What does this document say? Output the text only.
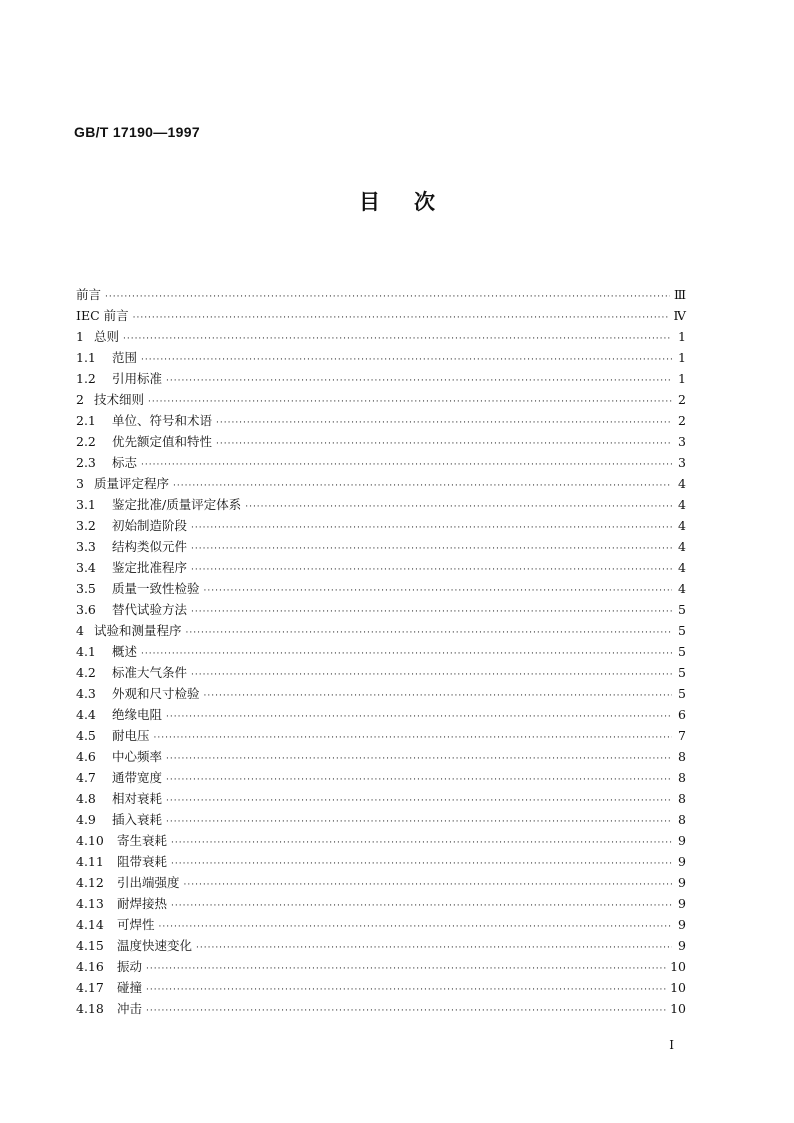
GB/T 17190—1997
目次
前言 ·····	Ⅲ
IEC 前言 ·····	Ⅳ
1 总则 ·····	1
1.1	范围 ·····	1
1.2	引用标准 ·····	1
2 技术细则 ·····	2
2.1	单位、符号和术语 ·····	2
2.2	优先额定值和特性 ·····	3
2.3	标志 ·····	3
3 质量评定程序 ·····	4
3.1	鉴定批准/质量评定体系 ·····	4
3.2	初始制造阶段 ·····	4
3.3	结构类似元件 ·····	4
3.4	鉴定批准程序 ·····	4
3.5	质量一致性检验 ·····	4
3.6	替代试验方法 ·····	5
4 试验和测量程序 ·····	5
4.1	概述 ·····	5
4.2	标准大气条件 ·····	5
4.3	外观和尺寸检验 ·····	5
4.4	绝缘电阻 ·····	6
4.5	耐电压 ·····	7
4.6	中心频率 ·····	8
4.7	通带宽度 ·····	8
4.8	相对衰耗 ·····	8
4.9	插入衰耗 ·····	8
4.10	寄生衰耗 ·····	9
4.11	阻带衰耗 ·····	9
4.12	引出端强度 ·····	9
4.13	耐焊接热 ·····	9
4.14	可焊性 ·····	9
4.15	温度快速变化 ·····	9
4.16	振动 ·····	10
4.17	碰撞 ·····	10
4.18	冲击 ·····	10
I
